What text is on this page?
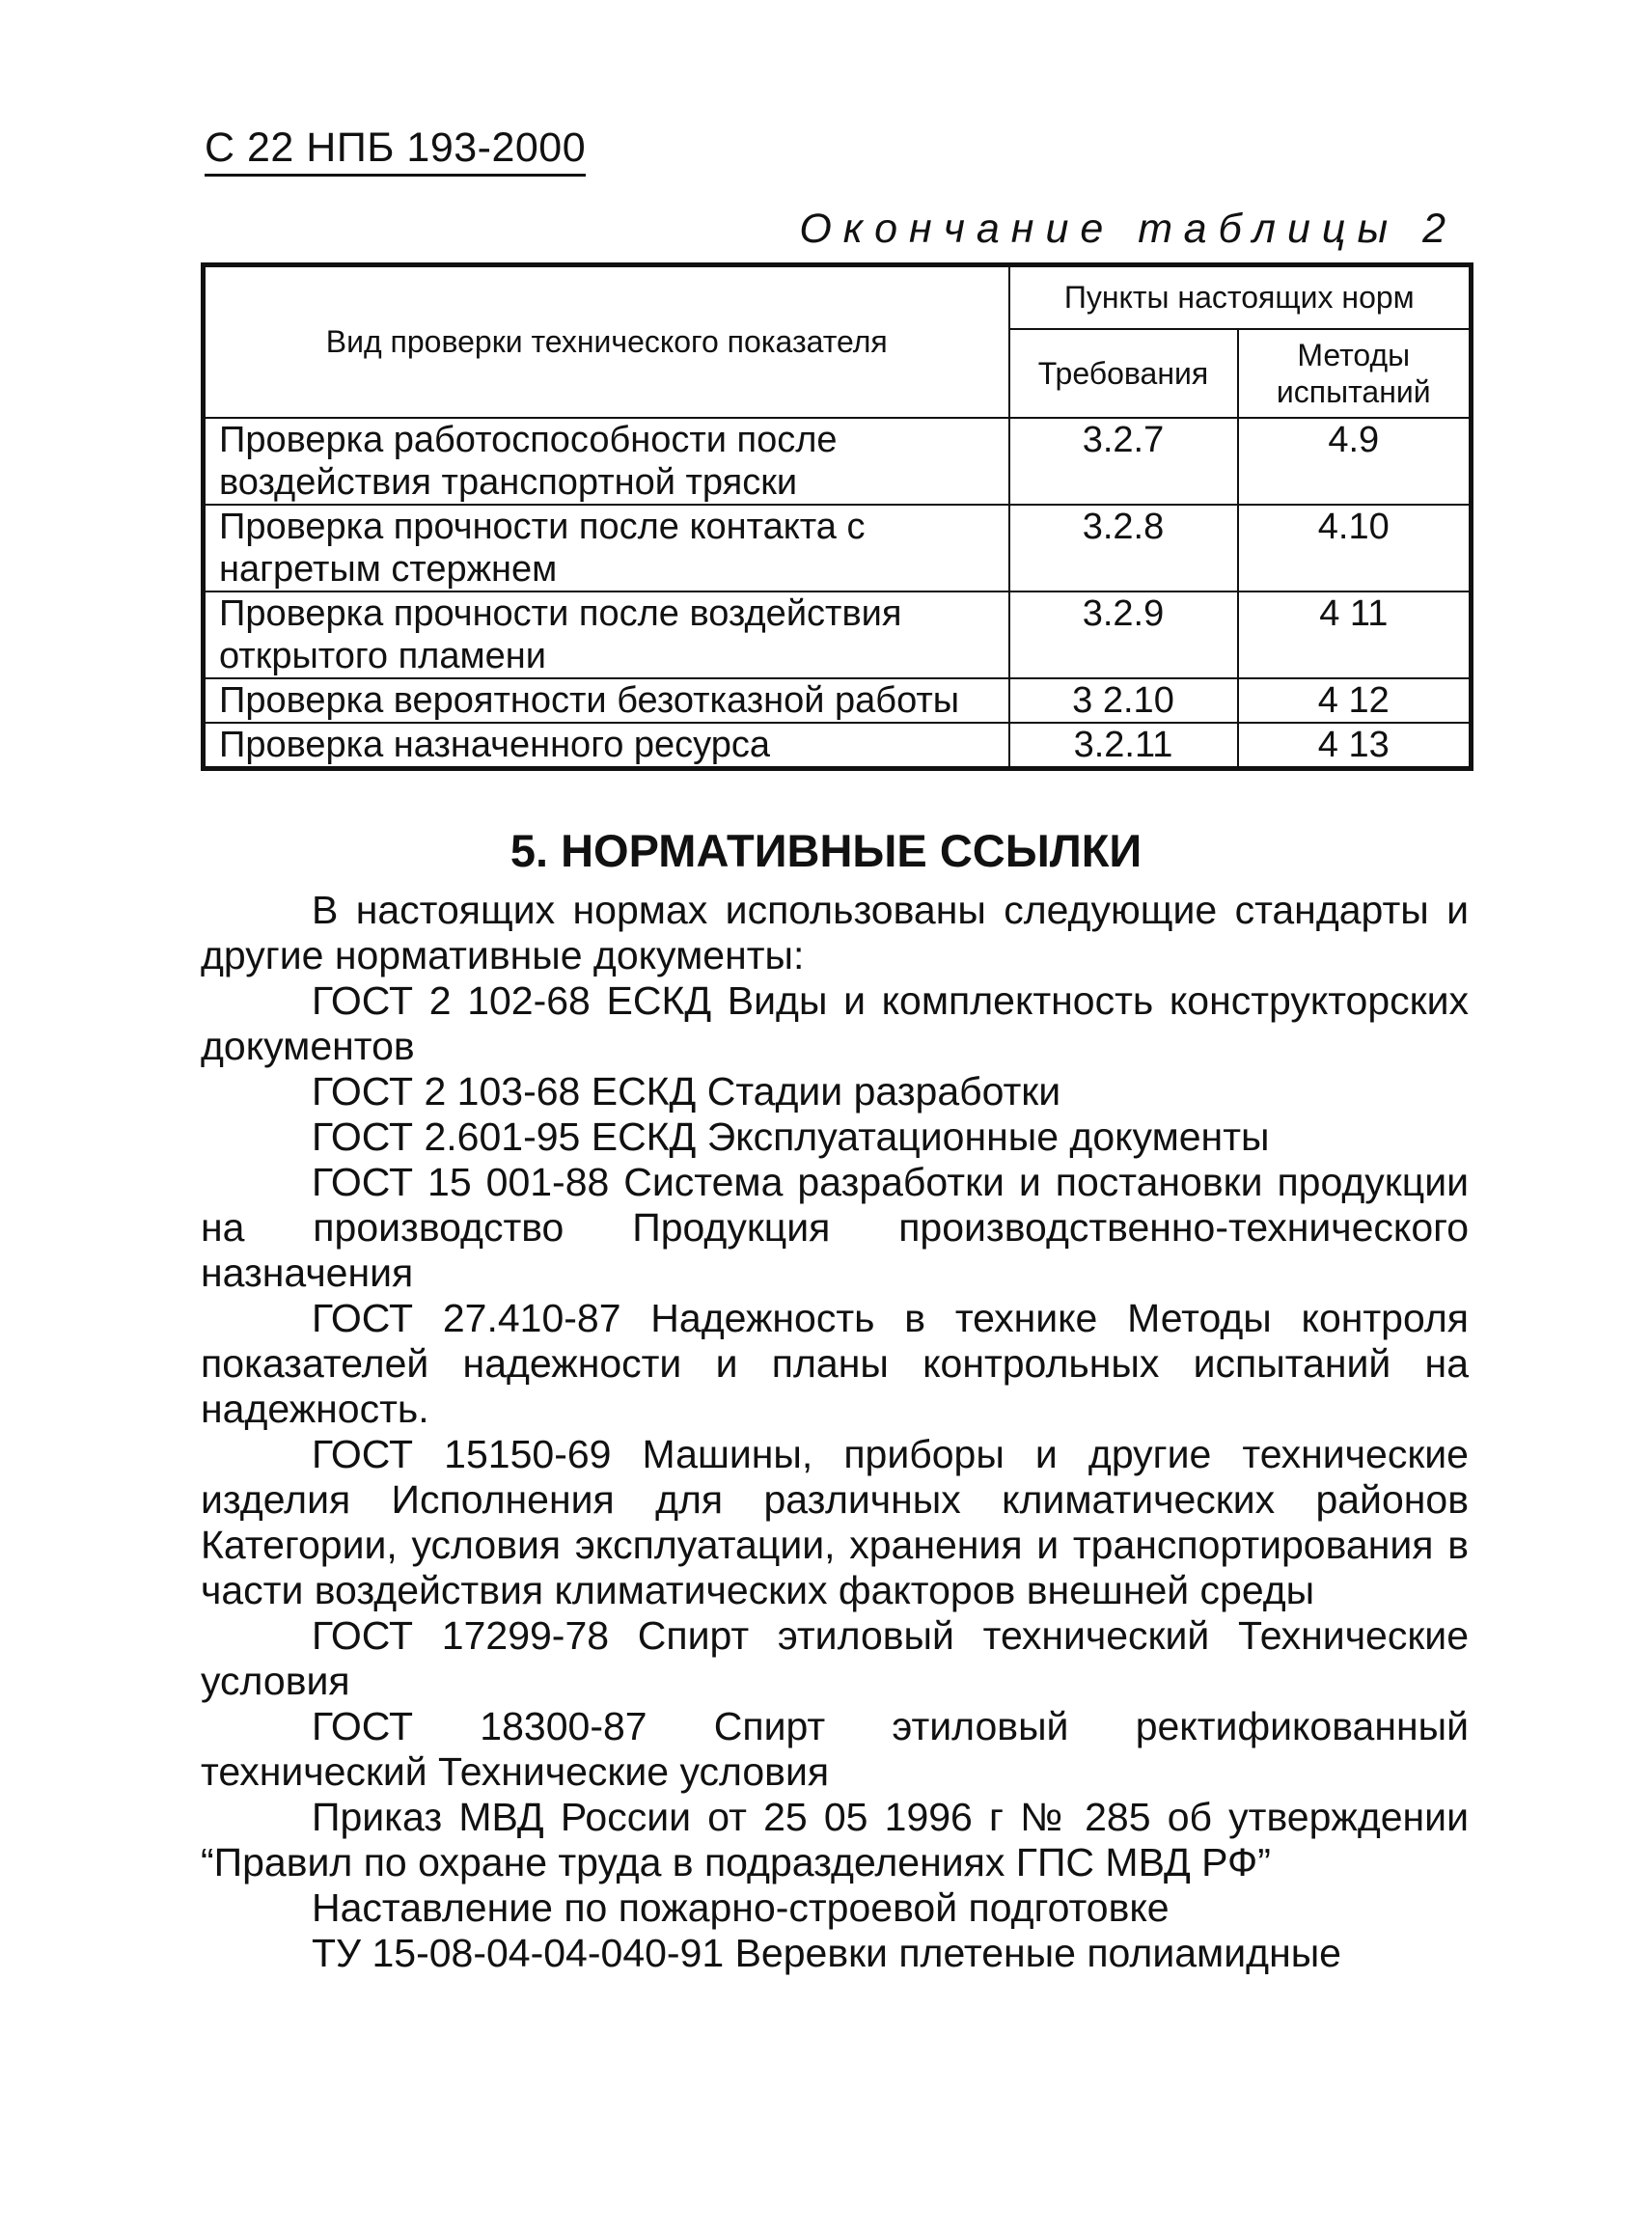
С 22 НПБ 193-2000
Окончание таблицы 2
Вид проверки технического показателя	Пункты настоящих норм	
	Требования	Методы испытаний
Проверка работоспособности после воздействия транспортной тряски	3.2.7	4.9
Проверка прочности после контакта с нагретым стержнем	3.2.8	4.10
Проверка прочности после воздействия открытого пламени	3.2.9	4 11
Проверка вероятности безотказной работы	3 2.10	4 12
Проверка назначенного ресурса	3.2.11	4 13
5. НОРМАТИВНЫЕ ССЫЛКИ

В настоящих нормах использованы следующие стандарты и другие нормативные документы:

ГОСТ 2 102-68 ЕСКД Виды и комплектность конструкторских документов

ГОСТ 2 103-68 ЕСКД Стадии разработки

ГОСТ 2.601-95 ЕСКД Эксплуатационные документы

ГОСТ 15 001-88 Система разработки и постановки продукции на производство Продукция производственно-технического назначения

ГОСТ 27.410-87 Надежность в технике Методы контроля показателей надежности и планы контрольных испытаний на надежность.

ГОСТ 15150-69 Машины, приборы и другие технические изделия Исполнения для различных климатических районов Категории, условия эксплуатации, хранения и транспортирования в части воздействия климатических факторов внешней среды

ГОСТ 17299-78 Спирт этиловый технический Технические условия

ГОСТ 18300-87 Спирт этиловый ректификованный технический Технические условия

Приказ МВД России от 25 05 1996 г № 285 об утверждении “Правил по охране труда в подразделениях ГПС МВД РФ”

Наставление по пожарно-строевой подготовке

ТУ 15-08-04-04-040-91 Веревки плетеные полиамидные
